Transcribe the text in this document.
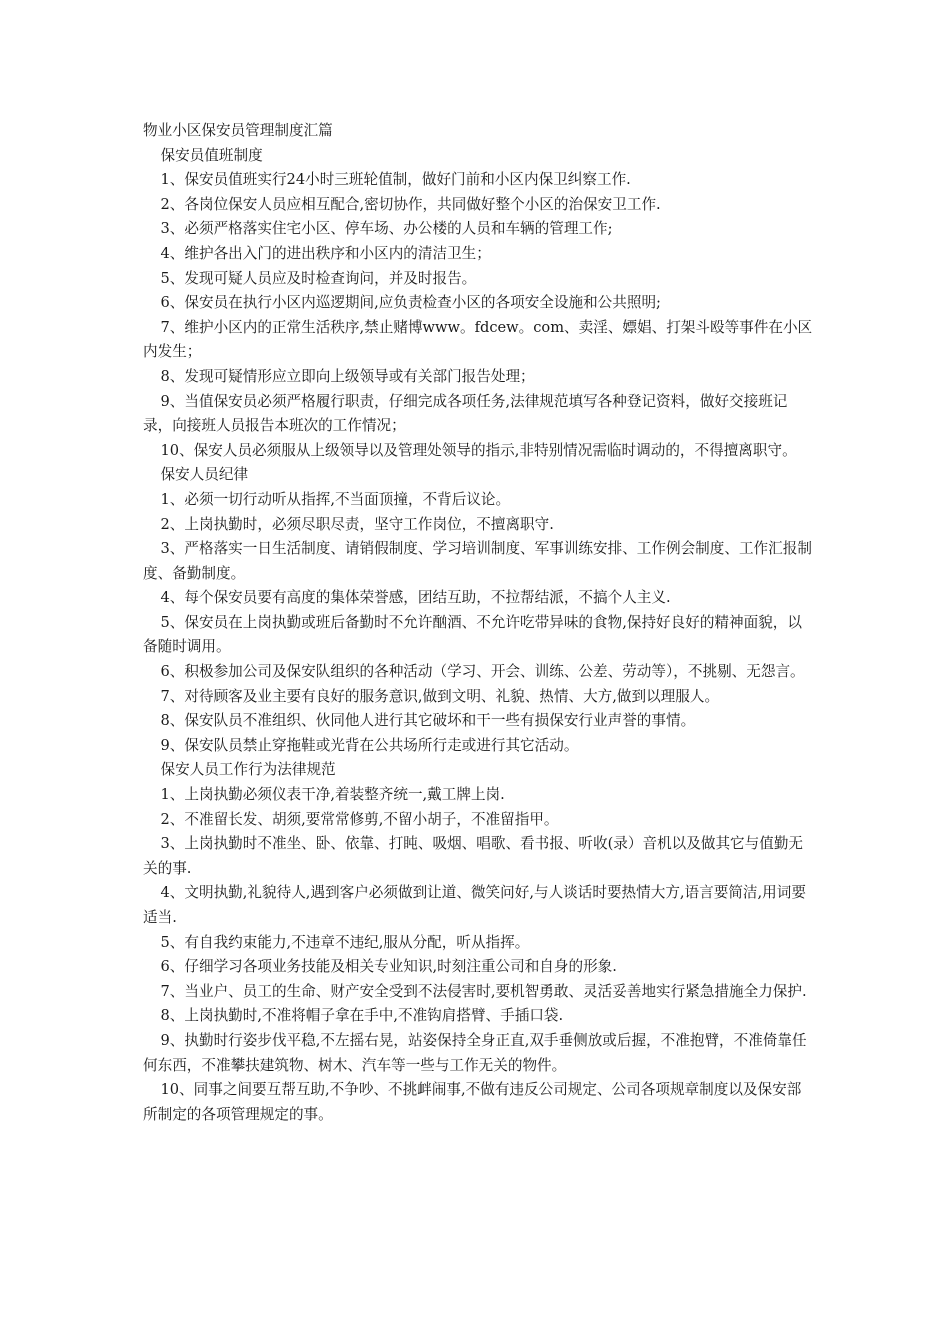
物业小区保安员管理制度汇篇

保安员值班制度

1、保安员值班实行24小时三班轮值制，做好门前和小区内保卫纠察工作.

2、各岗位保安人员应相互配合,密切协作，共同做好整个小区的治保安卫工作.

3、必须严格落实住宅小区、停车场、办公楼的人员和车辆的管理工作;

4、维护各出入门的进出秩序和小区内的清洁卫生；

5、发现可疑人员应及时检查询问，并及时报告。

6、保安员在执行小区内巡逻期间,应负责检查小区的各项安全设施和公共照明;

7、维护小区内的正常生活秩序,禁止赌博www。fdcew。com、卖淫、嫖娼、打架斗殴等事件在小区内发生；

8、发现可疑情形应立即向上级领导或有关部门报告处理；

9、当值保安员必须严格履行职责，仔细完成各项任务,法律规范填写各种登记资料，做好交接班记录，向接班人员报告本班次的工作情况；

10、保安人员必须服从上级领导以及管理处领导的指示,非特别情况需临时调动的，不得擅离职守。

保安人员纪律

1、必须一切行动听从指挥,不当面顶撞，不背后议论。

2、上岗执勤时，必须尽职尽责，坚守工作岗位，不擅离职守.

3、严格落实一日生活制度、请销假制度、学习培训制度、军事训练安排、工作例会制度、工作汇报制度、备勤制度。

4、每个保安员要有高度的集体荣誉感，团结互助，不拉帮结派，不搞个人主义.

5、保安员在上岗执勤或班后备勤时不允许酗酒、不允许吃带异味的食物,保持好良好的精神面貌，以备随时调用。

6、积极参加公司及保安队组织的各种活动（学习、开会、训练、公差、劳动等），不挑剔、无怨言。

7、对待顾客及业主要有良好的服务意识,做到文明、礼貌、热情、大方,做到以理服人。

8、保安队员不准组织、伙同他人进行其它破坏和干一些有损保安行业声誉的事情。

9、保安队员禁止穿拖鞋或光背在公共场所行走或进行其它活动。

保安人员工作行为法律规范

1、上岗执勤必须仪表干净,着装整齐统一,戴工牌上岗.

2、不准留长发、胡须,要常常修剪,不留小胡子，不准留指甲。

3、上岗执勤时不准坐、卧、依靠、打盹、吸烟、唱歌、看书报、听收(录）音机以及做其它与值勤无关的事.

4、文明执勤,礼貌待人,遇到客户必须做到让道、微笑问好,与人谈话时要热情大方,语言要简洁,用词要适当.

5、有自我约束能力,不违章不违纪,服从分配，听从指挥。

6、仔细学习各项业务技能及相关专业知识,时刻注重公司和自身的形象.

7、当业户、员工的生命、财产安全受到不法侵害时,要机智勇敢、灵活妥善地实行紧急措施全力保护.

8、上岗执勤时,不准将帽子拿在手中,不准钩肩搭臂、手插口袋.

9、执勤时行姿步伐平稳,不左摇右晃，站姿保持全身正直,双手垂侧放或后握，不准抱臂，不准倚靠任何东西，不准攀扶建筑物、树木、汽车等一些与工作无关的物件。

10、同事之间要互帮互助,不争吵、不挑衅闹事,不做有违反公司规定、公司各项规章制度以及保安部所制定的各项管理规定的事。
